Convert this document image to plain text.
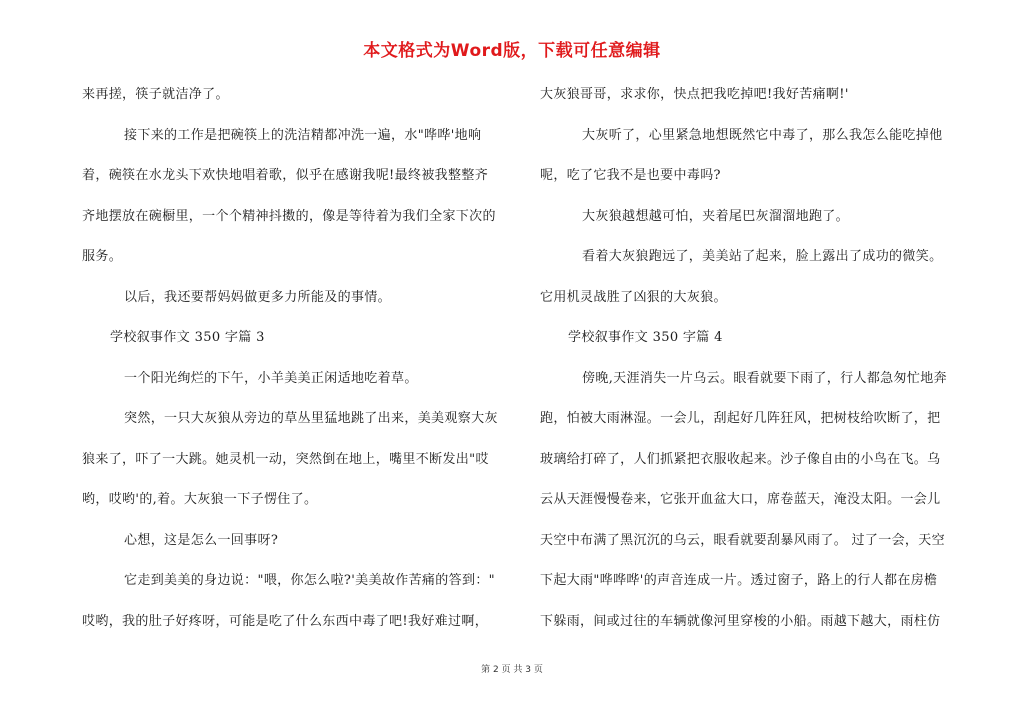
本文格式为Word版，下载可任意编辑
来再搓，筷子就洁净了。
接下来的工作是把碗筷上的洗洁精都冲洗一遍，水"哗哗'地响
着，碗筷在水龙头下欢快地唱着歌，似乎在感谢我呢!最终被我整整齐
齐地摆放在碗橱里，一个个精神抖擞的，像是等待着为我们全家下次的
服务。
以后，我还要帮妈妈做更多力所能及的事情。
学校叙事作文 350 字篇 3
一个阳光绚烂的下午，小羊美美正闲适地吃着草。
突然，一只大灰狼从旁边的草丛里猛地跳了出来，美美观察大灰
狼来了，吓了一大跳。她灵机一动，突然倒在地上，嘴里不断发出"哎
哟，哎哟'的,着。大灰狼一下子愣住了。
心想，这是怎么一回事呀?
它走到美美的身边说："喂，你怎么啦?'美美故作苦痛的答到："
哎哟，我的肚子好疼呀，可能是吃了什么东西中毒了吧!我好难过啊，
大灰狼哥哥，求求你，快点把我吃掉吧!我好苦痛啊!'
大灰听了，心里紧急地想既然它中毒了，那么我怎么能吃掉他
呢，吃了它我不是也要中毒吗?
大灰狼越想越可怕，夹着尾巴灰溜溜地跑了。
看着大灰狼跑远了，美美站了起来，脸上露出了成功的微笑。
它用机灵战胜了凶狠的大灰狼。
学校叙事作文 350 字篇 4
傍晚,天涯消失一片乌云。眼看就要下雨了，行人都急匆忙地奔
跑，怕被大雨淋湿。一会儿，刮起好几阵狂风，把树枝给吹断了，把
玻璃给打碎了，人们抓紧把衣服收起来。沙子像自由的小鸟在飞。乌
云从天涯慢慢卷来，它张开血盆大口，席卷蓝天，淹没太阳。一会儿
天空中布满了黑沉沉的乌云，眼看就要刮暴风雨了。 过了一会，天空
下起大雨"哗哗哗'的声音连成一片。透过窗子，路上的行人都在房檐
下躲雨，间或过往的车辆就像河里穿梭的小船。雨越下越大，雨柱仿
第 2 页 共 3 页
